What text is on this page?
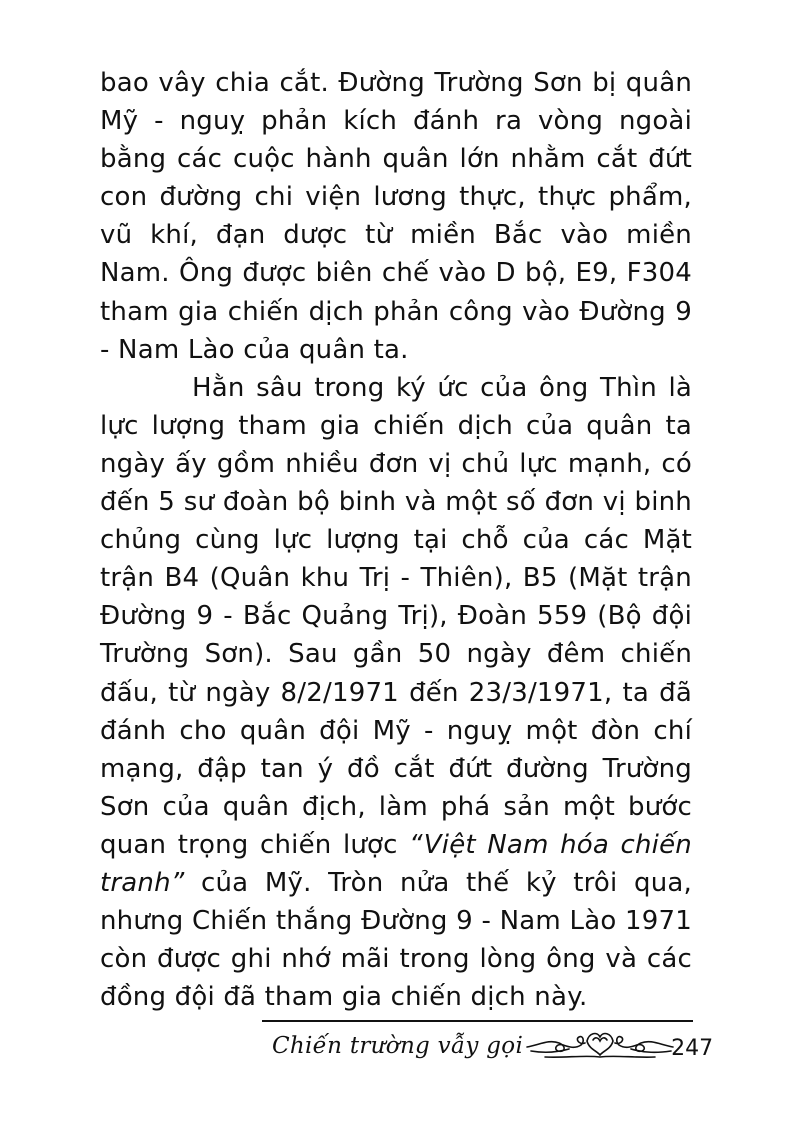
bao vây chia cắt. Đường Trường Sơn bị quân Mỹ - nguỵ phản kích đánh ra vòng ngoài bằng các cuộc hành quân lớn nhằm cắt đứt con đường chi viện lương thực, thực phẩm, vũ khí, đạn dược từ miền Bắc vào miền Nam. Ông được biên chế vào D bộ, E9, F304 tham gia chiến dịch phản công vào Đường 9 - Nam Lào của quân ta.

Hằn sâu trong ký ức của ông Thìn là lực lượng tham gia chiến dịch của quân ta ngày ấy gồm nhiều đơn vị chủ lực mạnh, có đến 5 sư đoàn bộ binh và một số đơn vị binh chủng cùng lực lượng tại chỗ của các Mặt trận B4 (Quân khu Trị - Thiên), B5 (Mặt trận Đường 9 - Bắc Quảng Trị), Đoàn 559 (Bộ đội Trường Sơn). Sau gần 50 ngày đêm chiến đấu, từ ngày 8/2/1971 đến 23/3/1971, ta đã đánh cho quân đội Mỹ - nguỵ một đòn chí mạng, đập tan ý đồ cắt đứt đường Trường Sơn của quân địch, làm phá sản một bước quan trọng chiến lược “Việt Nam hóa chiến tranh” của Mỹ. Tròn nửa thế kỷ trôi qua, nhưng Chiến thắng Đường 9 - Nam Lào 1971 còn được ghi nhớ mãi trong lòng ông và các đồng đội đã tham gia chiến dịch này.

Chiến trường vẫy gọi	247
